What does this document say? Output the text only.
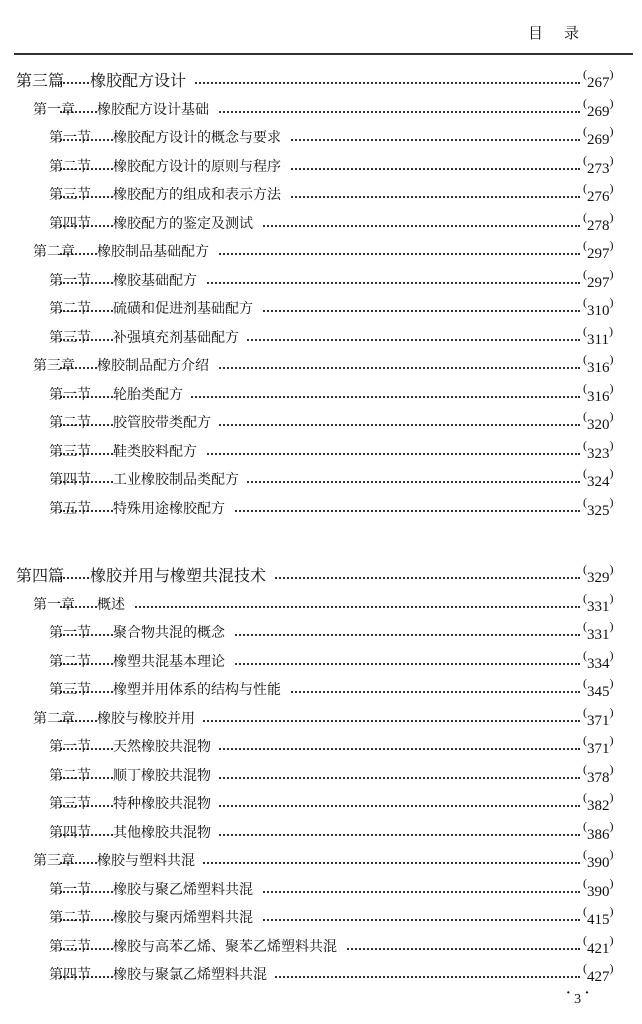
目 录
第三篇 橡胶配方设计	(267)
第一章 橡胶配方设计基础	(269)
第一节 橡胶配方设计的概念与要求	(269)
第二节 橡胶配方设计的原则与程序	(273)
第三节 橡胶配方的组成和表示方法	(276)
第四节 橡胶配方的鉴定及测试	(278)
第二章 橡胶制品基础配方	(297)
第一节 橡胶基础配方	(297)
第二节 硫磺和促进剂基础配方	(310)
第三节 补强填充剂基础配方	(311)
第三章 橡胶制品配方介绍	(316)
第一节 轮胎类配方	(316)
第二节 胶管胶带类配方	(320)
第三节 鞋类胶料配方	(323)
第四节 工业橡胶制品类配方	(324)
第五节 特殊用途橡胶配方	(325)
第四篇 橡胶并用与橡塑共混技术	(329)
第一章 概述	(331)
第一节 聚合物共混的概念	(331)
第二节 橡塑共混基本理论	(334)
第三节 橡塑并用体系的结构与性能	(345)
第二章 橡胶与橡胶并用	(371)
第一节 天然橡胶共混物	(371)
第二节 顺丁橡胶共混物	(378)
第三节 特种橡胶共混物	(382)
第四节 其他橡胶共混物	(386)
第三章 橡胶与塑料共混	(390)
第一节 橡胶与聚乙烯塑料共混	(390)
第二节 橡胶与聚丙烯塑料共混	(415)
第三节 橡胶与高苯乙烯、聚苯乙烯塑料共混	(421)
第四节 橡胶与聚氯乙烯塑料共混	(427)
· 3 ·
